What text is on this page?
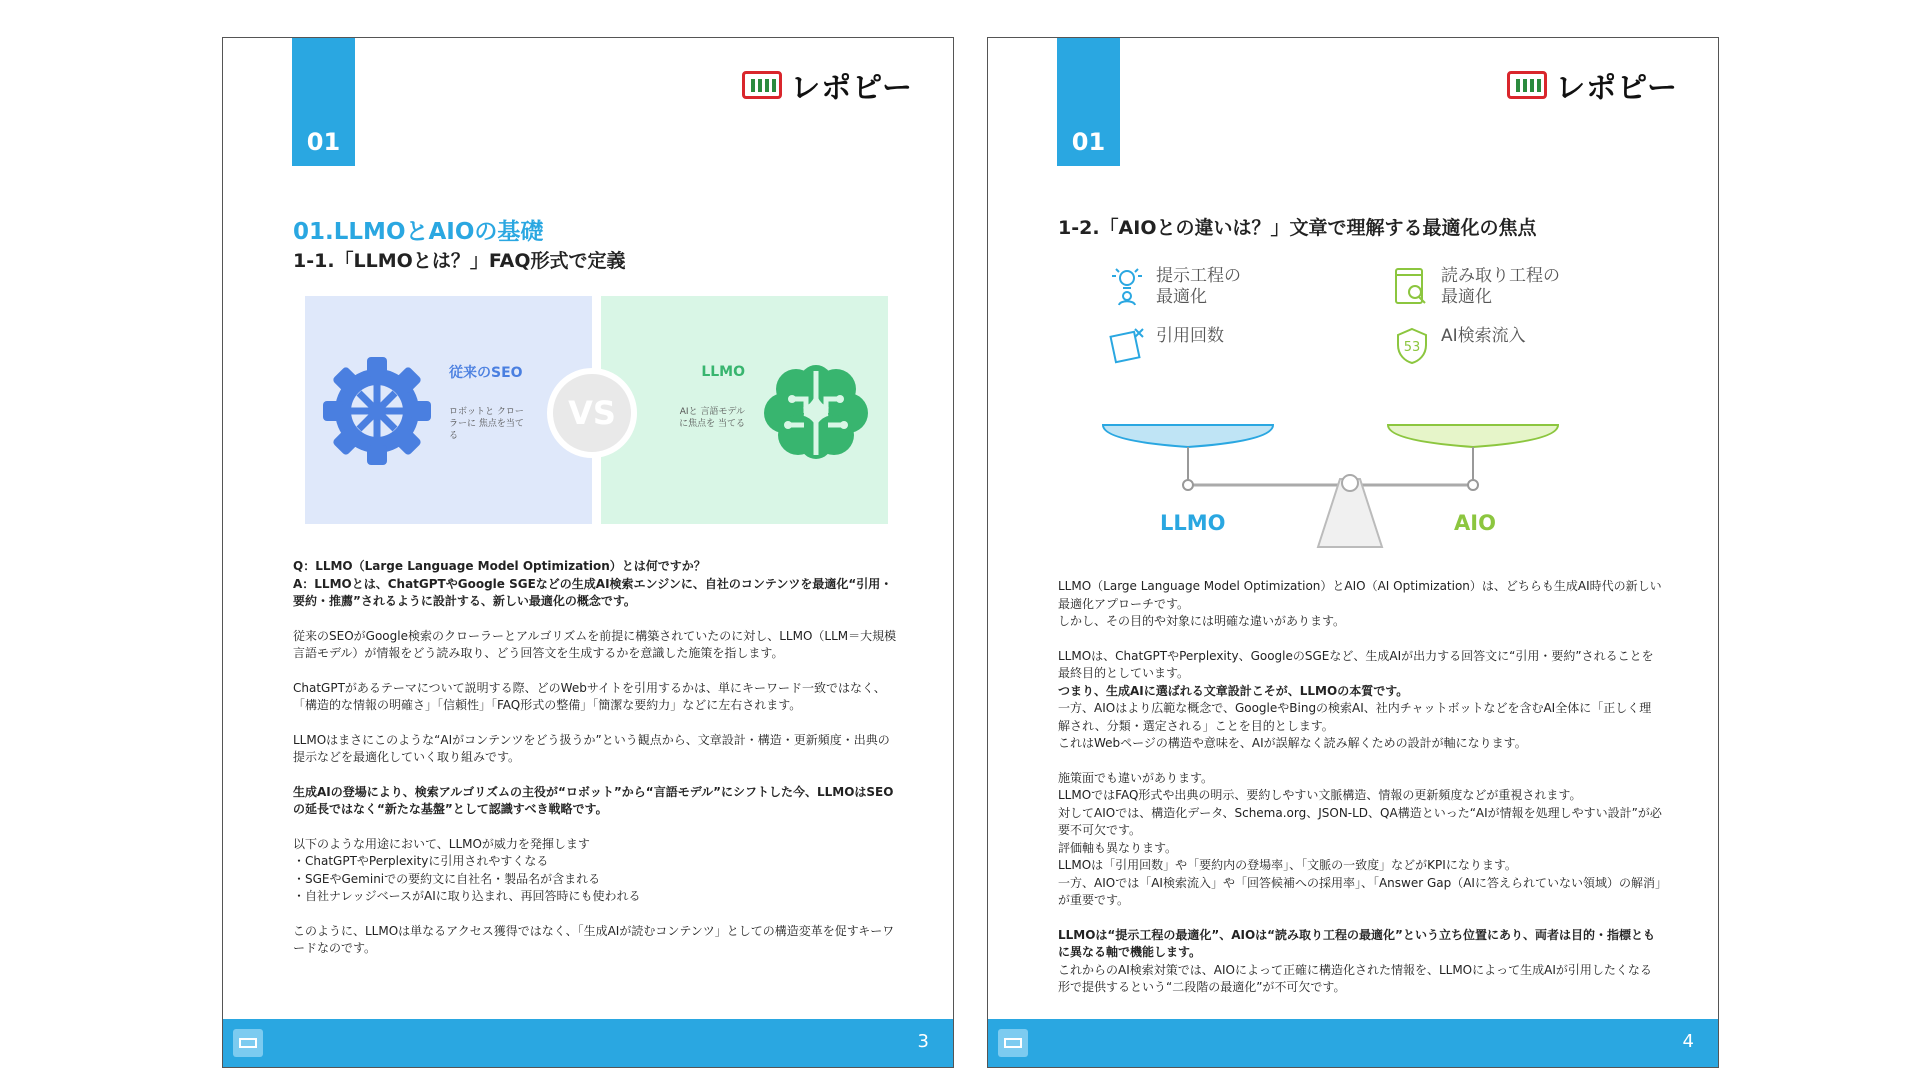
01
レポピー
01.LLMOとAIOの基礎
1-1.「LLMOとは？」FAQ形式で定義
従来のSEO
ロボットと クローラーに 焦点を当てる
LLMO
AIと 言語モデル に焦点を 当てる
VS

Q：LLMO（Large Language Model Optimization）とは何ですか？
A：LLMOとは、ChatGPTやGoogle SGEなどの生成AI検索エンジンに、自社のコンテンツを最適化“引用・要約・推薦”されるように設計する、新しい最適化の概念です。

従来のSEOがGoogle検索のクローラーとアルゴリズムを前提に構築されていたのに対し、LLMO（LLM＝大規模言語モデル）が情報をどう読み取り、どう回答文を生成するかを意識した施策を指します。

ChatGPTがあるテーマについて説明する際、どのWebサイトを引用するかは、単にキーワード一致ではなく、「構造的な情報の明確さ」「信頼性」「FAQ形式の整備」「簡潔な要約力」などに左右されます。

LLMOはまさにこのような“AIがコンテンツをどう扱うか”という観点から、文章設計・構造・更新頻度・出典の提示などを最適化していく取り組みです。

生成AIの登場により、検索アルゴリズムの主役が“ロボット”から“言語モデル”にシフトした今、LLMOはSEOの延長ではなく“新たな基盤”として認識すべき戦略です。

以下のような用途において、LLMOが威力を発揮します
・ChatGPTやPerplexityに引用されやすくなる
・SGEやGeminiでの要約文に自社名・製品名が含まれる
・自社ナレッジベースがAIに取り込まれ、再回答時にも使われる

このように、LLMOは単なるアクセス獲得ではなく、「生成AIが読むコンテンツ」としての構造変革を促すキーワードなのです。

3
01
レポピー
1-2.「AIOとの違いは？」文章で理解する最適化の焦点
提示工程の 最適化
引用回数
読み取り工程の 最適化
53
AI検索流入
LLMO	AIO

LLMO（Large Language Model Optimization）とAIO（AI Optimization）は、どちらも生成AI時代の新しい最適化アプローチです。
しかし、その目的や対象には明確な違いがあります。

LLMOは、ChatGPTやPerplexity、GoogleのSGEなど、生成AIが出力する回答文に“引用・要約”されることを最終目的としています。
つまり、生成AIに選ばれる文章設計こそが、LLMOの本質です。
一方、AIOはより広範な概念で、GoogleやBingの検索AI、社内チャットボットなどを含むAI全体に「正しく理解され、分類・選定される」ことを目的とします。
これはWebページの構造や意味を、AIが誤解なく読み解くための設計が軸になります。

施策面でも違いがあります。
LLMOではFAQ形式や出典の明示、要約しやすい文脈構造、情報の更新頻度などが重視されます。
対してAIOでは、構造化データ、Schema.org、JSON-LD、QA構造といった“AIが情報を処理しやすい設計”が必要不可欠です。
評価軸も異なります。
LLMOは「引用回数」や「要約内の登場率」、「文脈の一致度」などがKPIになります。
一方、AIOでは「AI検索流入」や「回答候補への採用率」、「Answer Gap（AIに答えられていない領域）の解消」が重要です。

LLMOは“提示工程の最適化”、AIOは“読み取り工程の最適化”という立ち位置にあり、両者は目的・指標ともに異なる軸で機能します。
これからのAI検索対策では、AIOによって正確に構造化された情報を、LLMOによって生成AIが引用したくなる形で提供するという“二段階の最適化”が不可欠です。

4
